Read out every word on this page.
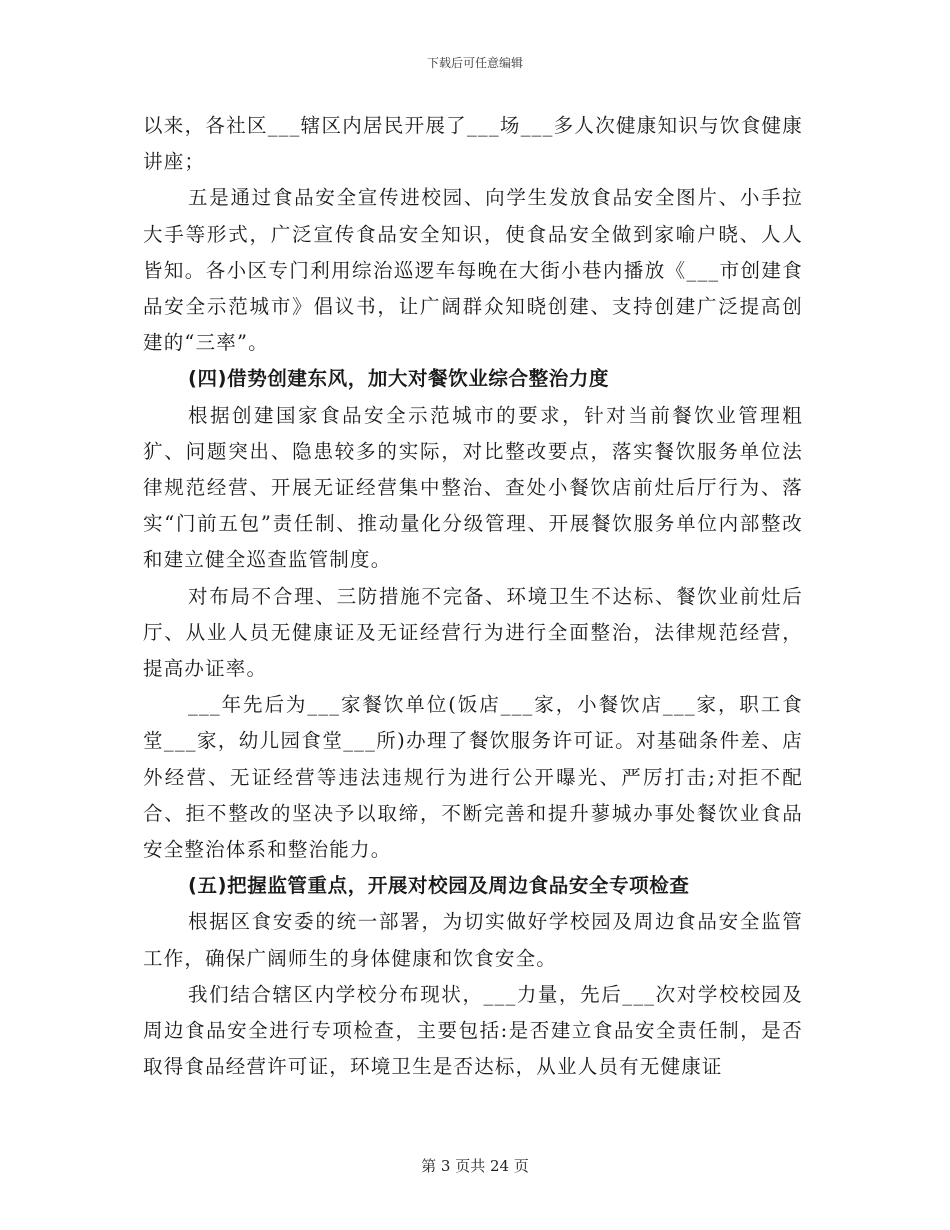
下载后可任意编辑

以来，各社区___辖区内居民开展了___场___多人次健康知识与饮食健康讲座；

五是通过食品安全宣传进校园、向学生发放食品安全图片、小手拉大手等形式，广泛宣传食品安全知识，使食品安全做到家喻户晓、人人皆知。各小区专门利用综治巡逻车每晚在大街小巷内播放《___市创建食品安全示范城市》倡议书，让广阔群众知晓创建、支持创建广泛提高创建的“三率”。

(四)借势创建东风，加大对餐饮业综合整治力度

根据创建国家食品安全示范城市的要求，针对当前餐饮业管理粗犷、问题突出、隐患较多的实际，对比整改要点，落实餐饮服务单位法律规范经营、开展无证经营集中整治、查处小餐饮店前灶后厅行为、落实“门前五包”责任制、推动量化分级管理、开展餐饮服务单位内部整改和建立健全巡查监管制度。

对布局不合理、三防措施不完备、环境卫生不达标、餐饮业前灶后厅、从业人员无健康证及无证经营行为进行全面整治，法律规范经营，提高办证率。

___年先后为___家餐饮单位(饭店___家，小餐饮店___家，职工食堂___家，幼儿园食堂___所)办理了餐饮服务许可证。对基础条件差、店外经营、无证经营等违法违规行为进行公开曝光、严厉打击;对拒不配合、拒不整改的坚决予以取缔，不断完善和提升蓼城办事处餐饮业食品安全整治体系和整治能力。

(五)把握监管重点，开展对校园及周边食品安全专项检查

根据区食安委的统一部署，为切实做好学校园及周边食品安全监管工作，确保广阔师生的身体健康和饮食安全。

我们结合辖区内学校分布现状，___力量，先后___次对学校校园及周边食品安全进行专项检查，主要包括:是否建立食品安全责任制，是否取得食品经营许可证，环境卫生是否达标，从业人员有无健康证

第 3 页共 24 页
